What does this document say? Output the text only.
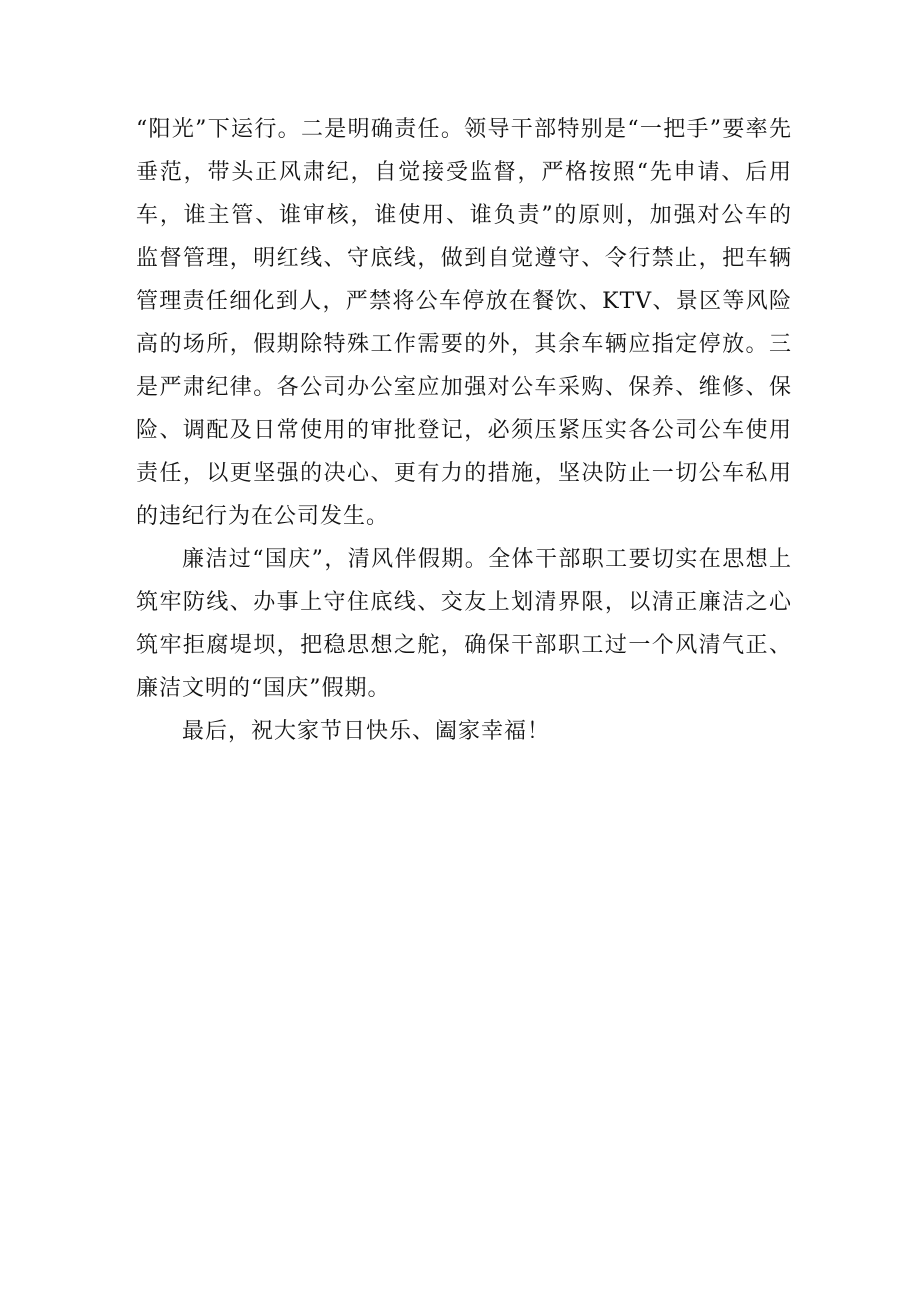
“阳光”下运行。二是明确责任。领导干部特别是“一把手”要率先垂范，带头正风肃纪，自觉接受监督，严格按照“先申请、后用车，谁主管、谁审核，谁使用、谁负责”的原则，加强对公车的监督管理，明红线、守底线，做到自觉遵守、令行禁止，把车辆管理责任细化到人，严禁将公车停放在餐饮、KTV、景区等风险高的场所，假期除特殊工作需要的外，其余车辆应指定停放。三是严肃纪律。各公司办公室应加强对公车采购、保养、维修、保险、调配及日常使用的审批登记，必须压紧压实各公司公车使用责任，以更坚强的决心、更有力的措施，坚决防止一切公车私用的违纪行为在公司发生。

廉洁过“国庆”，清风伴假期。全体干部职工要切实在思想上筑牢防线、办事上守住底线、交友上划清界限，以清正廉洁之心筑牢拒腐堤坝，把稳思想之舵，确保干部职工过一个风清气正、廉洁文明的“国庆”假期。

最后，祝大家节日快乐、阖家幸福！
